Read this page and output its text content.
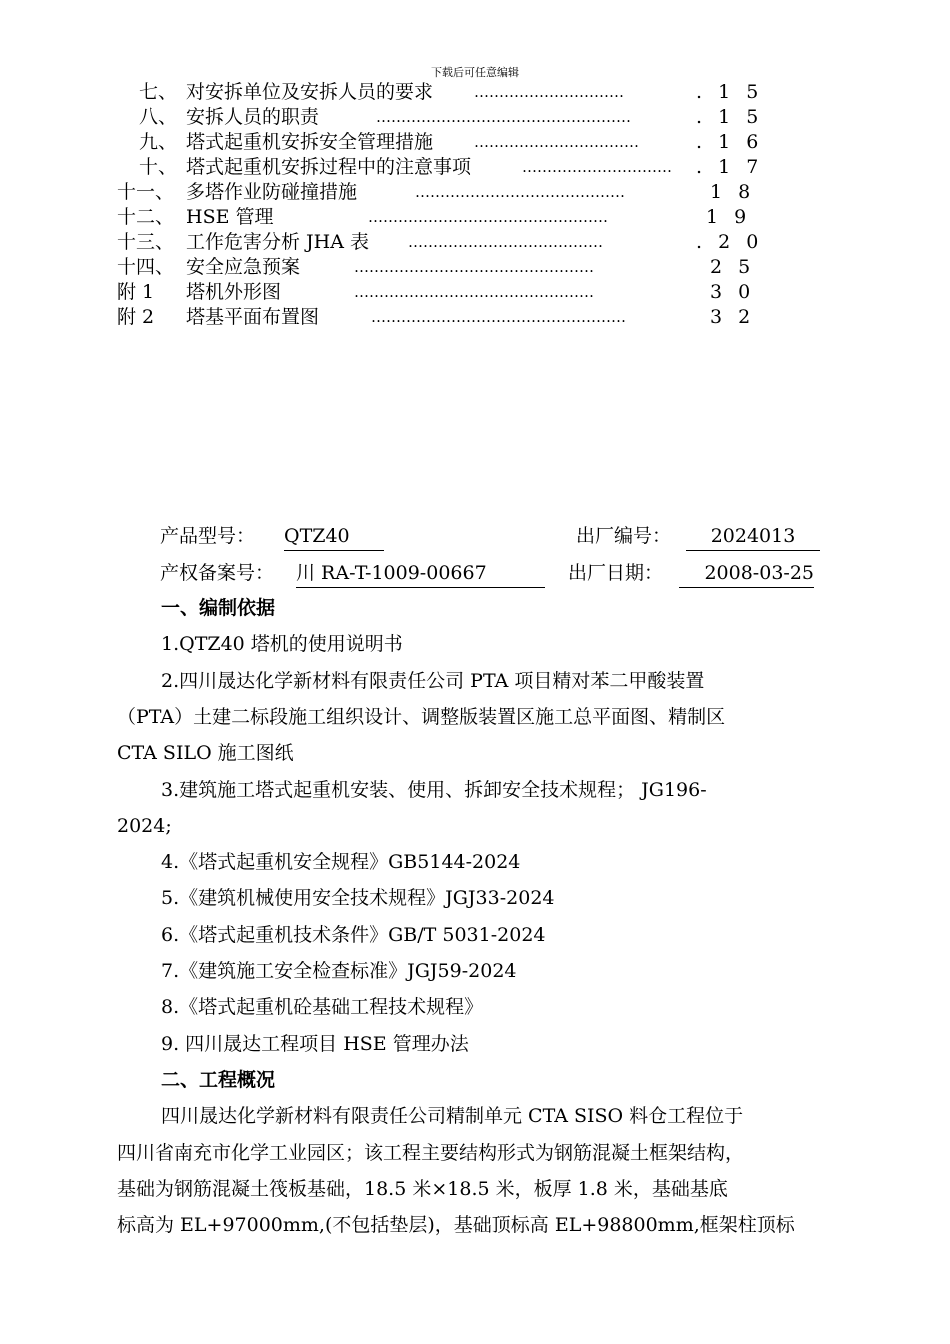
下载后可任意编辑
七、 对安拆单位及安拆人员的要求	…………………………	. 1 5
八、 安拆人员的职责	……………………………………………	. 1 5
九、 塔式起重机安拆安全管理措施	……………………………	. 1 6
十、 塔式起重机安拆过程中的注意事项	…………………………	. 1 7
十一、 多塔作业防碰撞措施	……………………………………	1 8
十二、 HSE 管理	…………………………………………	1 9
十三、 工作危害分析 JHA 表	…………………………………	. 2 0
十四、 安全应急预案	…………………………………………	2 5
附 1 塔机外形图	…………………………………………	3 0
附 2 塔基平面布置图	……………………………………………	3 2
产品型号： QTZ40	出厂编号：	2024013
产权备案号： 川 RA-T-1009-00667	出厂日期：	2008-03-25
一、编制依据
1.QTZ40 塔机的使用说明书
2.四川晟达化学新材料有限责任公司 PTA 项目精对苯二甲酸装置
（PTA）土建二标段施工组织设计、调整版装置区施工总平面图、精制区
CTA SILO 施工图纸
3.建筑施工塔式起重机安装、使用、拆卸安全技术规程； JG196-
2024;
4.《塔式起重机安全规程》GB5144-2024
5.《建筑机械使用安全技术规程》JGJ33-2024
6.《塔式起重机技术条件》GB/T 5031-2024
7.《建筑施工安全检查标准》JGJ59-2024
8.《塔式起重机砼基础工程技术规程》
9. 四川晟达工程项目 HSE 管理办法
二、工程概况
四川晟达化学新材料有限责任公司精制单元 CTA SISO 料仓工程位于
四川省南充市化学工业园区；该工程主要结构形式为钢筋混凝土框架结构，
基础为钢筋混凝土筏板基础，18.5 米×18.5 米，板厚 1.8 米，基础基底
标高为 EL+97000mm,(不包括垫层)，基础顶标高 EL+98800mm,框架柱顶标
